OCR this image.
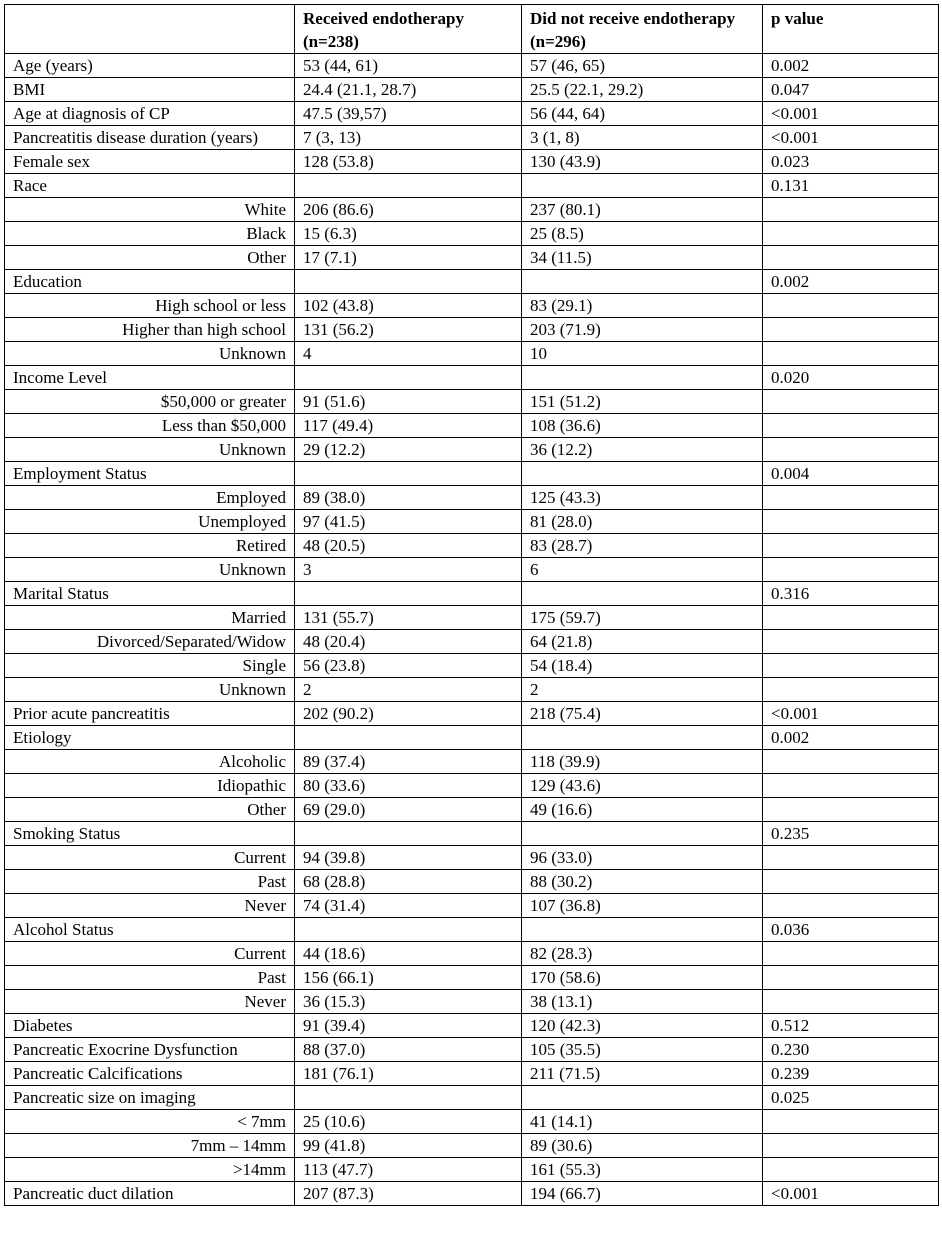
	Received endotherapy (n=238)	Did not receive endotherapy (n=296)	p value
Age (years)	53 (44, 61)	57 (46, 65)	0.002
BMI	24.4 (21.1, 28.7)	25.5 (22.1, 29.2)	0.047
Age at diagnosis of CP	47.5 (39,57)	56 (44, 64)	<0.001
Pancreatitis disease duration (years)	7 (3, 13)	3 (1, 8)	<0.001
Female sex	128 (53.8)	130 (43.9)	0.023
Race			0.131
White	206 (86.6)	237 (80.1)	
Black	15 (6.3)	25 (8.5)	
Other	17 (7.1)	34 (11.5)	
Education			0.002
High school or less	102 (43.8)	83 (29.1)	
Higher than high school	131 (56.2)	203 (71.9)	
Unknown	4	10	
Income Level			0.020
$50,000 or greater	91 (51.6)	151 (51.2)	
Less than $50,000	117 (49.4)	108 (36.6)	
Unknown	29 (12.2)	36 (12.2)	
Employment Status			0.004
Employed	89 (38.0)	125 (43.3)	
Unemployed	97 (41.5)	81 (28.0)	
Retired	48 (20.5)	83 (28.7)	
Unknown	3	6	
Marital Status			0.316
Married	131 (55.7)	175 (59.7)	
Divorced/Separated/Widow	48 (20.4)	64 (21.8)	
Single	56 (23.8)	54 (18.4)	
Unknown	2	2	
Prior acute pancreatitis	202 (90.2)	218 (75.4)	<0.001
Etiology			0.002
Alcoholic	89 (37.4)	118 (39.9)	
Idiopathic	80 (33.6)	129 (43.6)	
Other	69 (29.0)	49 (16.6)	
Smoking Status			0.235
Current	94 (39.8)	96 (33.0)	
Past	68 (28.8)	88 (30.2)	
Never	74 (31.4)	107 (36.8)	
Alcohol Status			0.036
Current	44 (18.6)	82 (28.3)	
Past	156 (66.1)	170 (58.6)	
Never	36 (15.3)	38 (13.1)	
Diabetes	91 (39.4)	120 (42.3)	0.512
Pancreatic Exocrine Dysfunction	88 (37.0)	105 (35.5)	0.230
Pancreatic Calcifications	181 (76.1)	211 (71.5)	0.239
Pancreatic size on imaging			0.025
< 7mm	25 (10.6)	41 (14.1)	
7mm – 14mm	99 (41.8)	89 (30.6)	
>14mm	113 (47.7)	161 (55.3)	
Pancreatic duct dilation	207 (87.3)	194 (66.7)	<0.001
